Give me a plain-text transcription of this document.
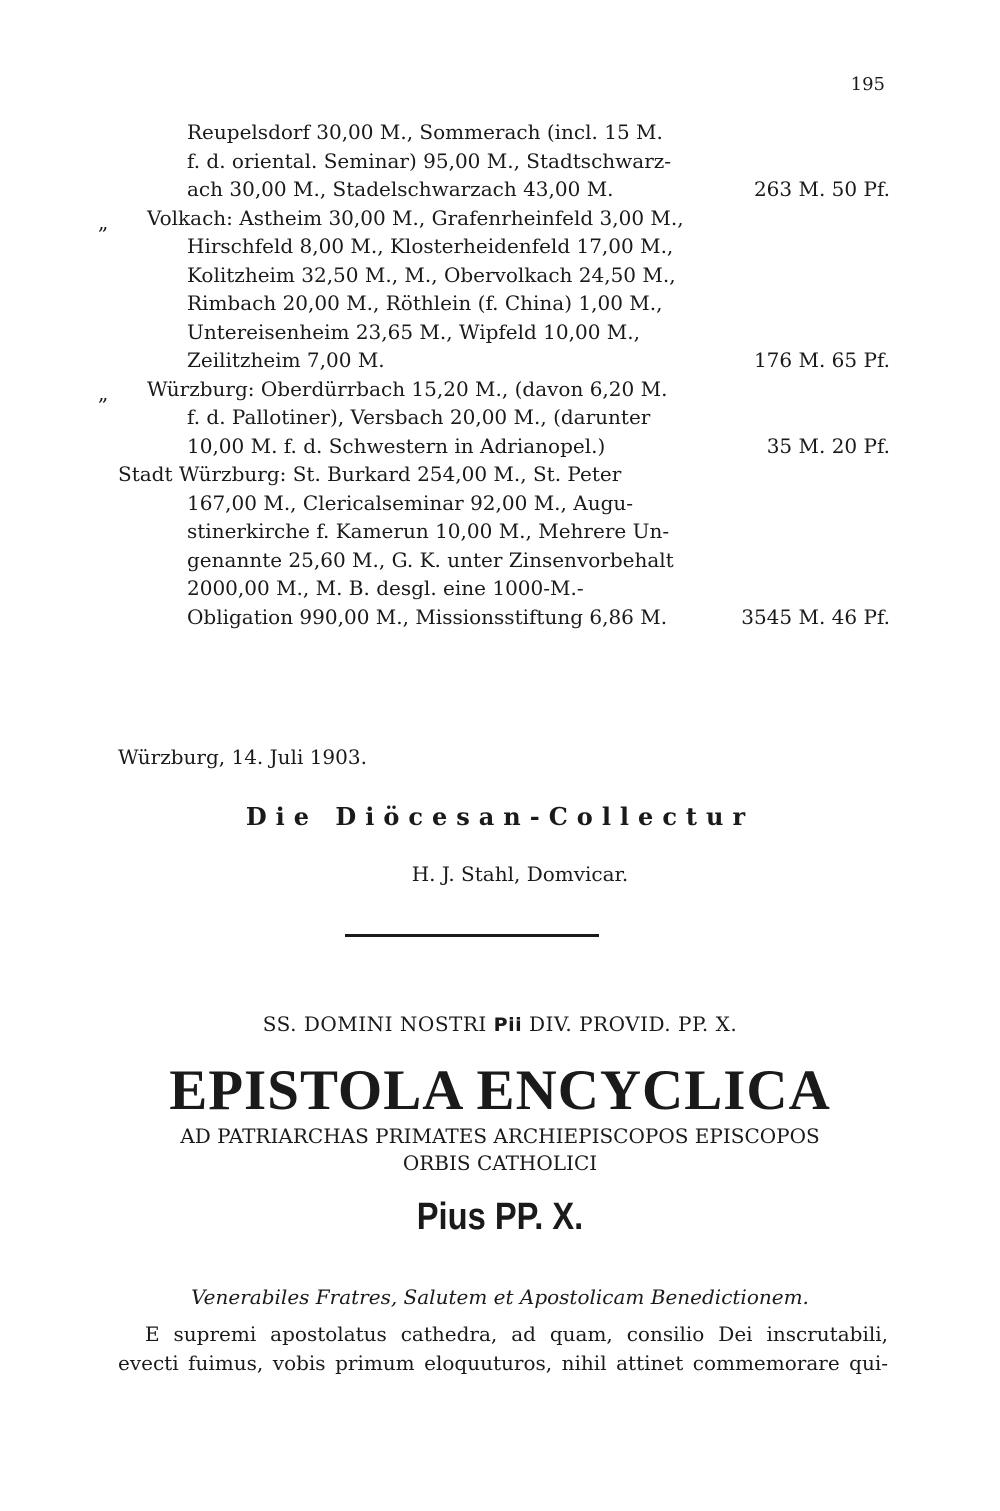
195
Reupelsdorf 30,00 M., Sommerach (incl. 15 M.
f. d. oriental. Seminar) 95,00 M., Stadtschwarz-
ach 30,00 M., Stadelschwarzach 43,00 M.	263 M. 50 Pf.
„	Volkach: Astheim 30,00 M., Grafenrheinfeld 3,00 M.,
Hirschfeld 8,00 M., Klosterheidenfeld 17,00 M.,
Kolitzheim 32,50 M., M., Obervolkach 24,50 M.,
Rimbach 20,00 M., Röthlein (f. China) 1,00 M.,
Untereisenheim 23,65 M., Wipfeld 10,00 M.,
Zeilitzheim 7,00 M.	176 M. 65 Pf.
„	Würzburg: Oberdürrbach 15,20 M., (davon 6,20 M.
f. d. Pallotiner), Versbach 20,00 M., (darunter
10,00 M. f. d. Schwestern in Adrianopel.)	35 M. 20 Pf.
Stadt Würzburg: St. Burkard 254,00 M., St. Peter
167,00 M., Clericalseminar 92,00 M., Augu-
stinerkirche f. Kamerun 10,00 M., Mehrere Un-
genannte 25,60 M., G. K. unter Zinsenvorbehalt
2000,00 M., M. B. desgl. eine 1000-M.-
Obligation 990,00 M., Missionsstiftung 6,86 M.	3545 M. 46 Pf.
Würzburg, 14. Juli 1903.
Die Diöcesan-Collectur
H. J. Stahl, Domvicar.
SS. DOMINI NOSTRI Pii DIV. PROVID. PP. X.
EPISTOLA ENCYCLICA
AD PATRIARCHAS PRIMATES ARCHIEPISCOPOS EPISCOPOS
ORBIS CATHOLICI
Pius PP. X.
Venerabiles Fratres, Salutem et Apostolicam Benedictionem.
E supremi apostolatus cathedra, ad quam, consilio Dei inscrutabili,
evecti fuimus, vobis primum eloquuturos, nihil attinet commemorare qui-
